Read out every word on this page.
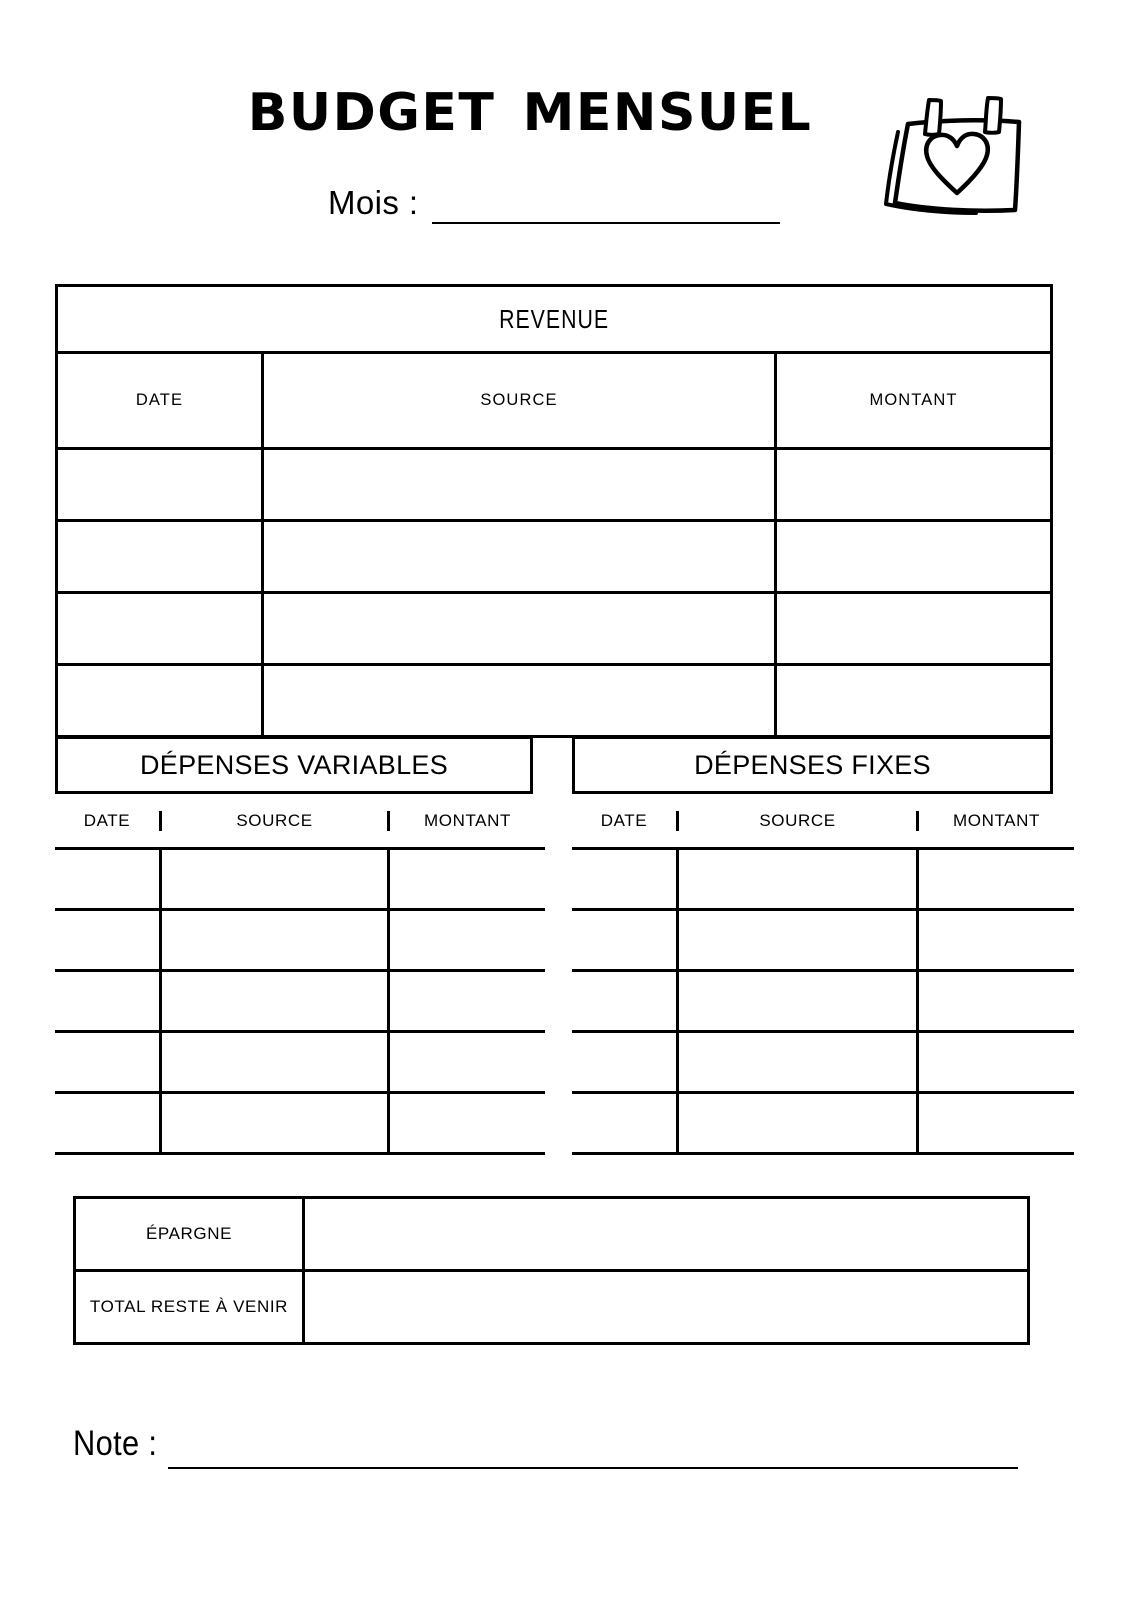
budget mensuel
Mois :
REVENUE
DATE	SOURCE	MONTANT
DÉPENSES VARIABLES
DATE	SOURCE	MONTANT
DÉPENSES FIXES
DATE	SOURCE	MONTANT
ÉPARGNE
TOTAL RESTE À VENIR
Note :
